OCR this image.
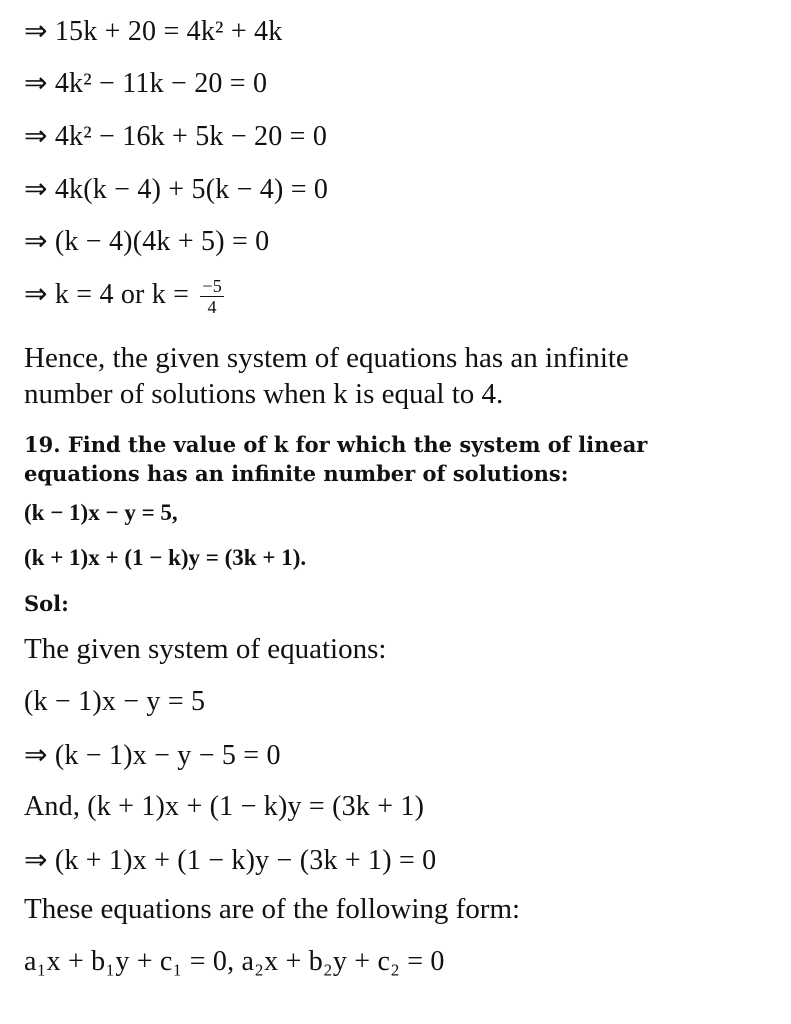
⇒ 15k + 20 = 4k² + 4k
⇒ 4k² − 11k − 20 = 0
⇒ 4k² − 16k + 5k − 20 = 0
⇒ 4k(k − 4) + 5(k − 4) = 0
⇒ (k − 4)(4k + 5) = 0
⇒ k = 4 or $k = \frac{-5}{4}$
Hence, the given system of equations has an infinite
number of solutions when k is equal to 4.
19. Find the value of k for which the system of linear
equations has an infinite number of solutions:
(k − 1)x − y = 5,
(k + 1)x + (1 − k)y = (3k + 1).
Sol:
The given system of equations:
(k − 1)x − y = 5
⇒ (k − 1)x − y − 5 = 0
And, (k + 1)x + (1 − k)y = (3k + 1)
⇒ (k + 1)x + (1 − k)y − (3k + 1) = 0
These equations are of the following form:
a₁x + b₁y + c₁ = 0, a₂x + b₂y + c₂ = 0
